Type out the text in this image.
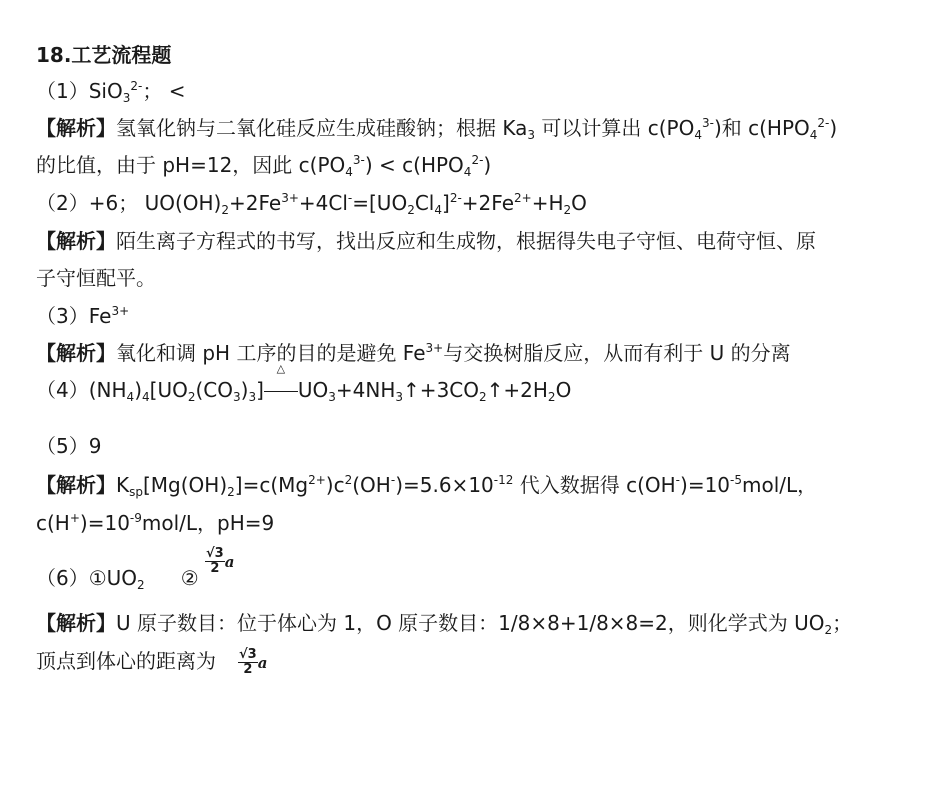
18.工艺流程题
（1）SiO$_3^{2-}$； <
【解析】氢氧化钠与二氧化硅反应生成硅酸钠；根据 $Ka_3$ 可以计算出 $c(PO_4^{3-})$和 $c(HPO_4^{2-})$
的比值，由于 pH=12，因此 $c(PO_4^{3-}) < c(HPO_4^{2-})$
（2）+6； $UO(OH)_2+2Fe^{3+}+4Cl^-=[UO_2Cl_4]^{2-}+2Fe^{2+}+H_2O$
【解析】陌生离子方程式的书写，找出反应和生成物，根据得失电子守恒、电荷守恒、原
子守恒配平。
$(3)Fe^{3+}$
【解析】氧化和调 pH 工序的目的是避免 $Fe^{3+}$与交换树脂反应，从而有利于 U 的分离
$(4)(NH_4)_4[UO_2(CO_3)_3]$
△
$UO_3+4NH_3↑+3CO_2↑+2H_2O$
（5）9
【解析】$K_{sp}[Mg(OH)_2]=c(Mg^{2+})c^2(OH^-)=5.6\times 10^{-12}$ 代入数据得 $c(OH^-)=10^{-5}mol/L$，
$c(H^+)=10^{-9}mol/L$，pH=9
$(6)①UO_2$ ②
$\frac{√3}{2}$ a
【解析】U 原子数目：位于体心为 1，O 原子数目：1/8×8+1/8×8=2，则化学式为 $UO_2$；
顶点到体心的距离为 $\frac{√3}{2}$ a
